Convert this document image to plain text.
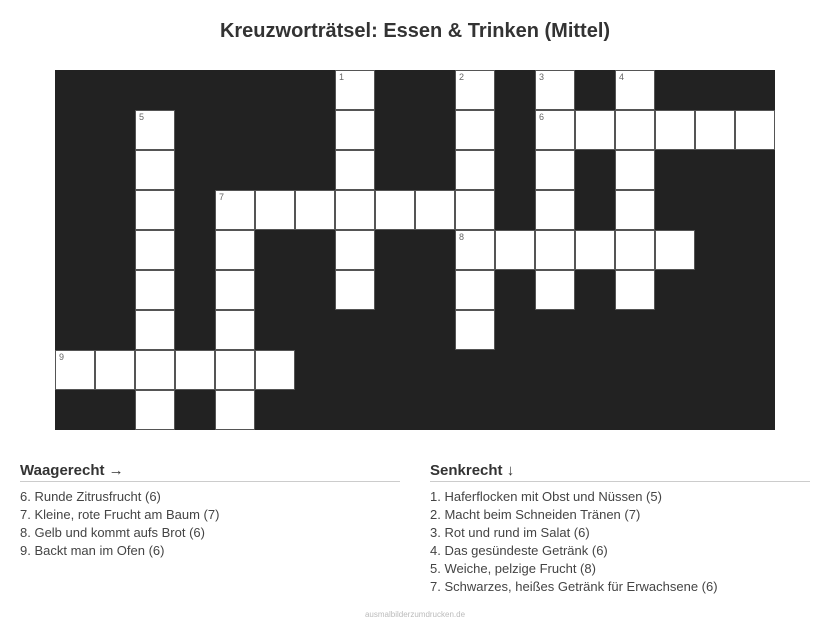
Kreuzworträtsel: Essen & Trinken (Mittel)
1	2	3	4
5	6
7
8
9
Waagerecht →
6. Runde Zitrusfrucht (6)
7. Kleine, rote Frucht am Baum (7)
8. Gelb und kommt aufs Brot (6)
9. Backt man im Ofen (6)
Senkrecht ↓
1. Haferflocken mit Obst und Nüssen (5)
2. Macht beim Schneiden Tränen (7)
3. Rot und rund im Salat (6)
4. Das gesündeste Getränk (6)
5. Weiche, pelzige Frucht (8)
7. Schwarzes, heißes Getränk für Erwachsene (6)
ausmalbilderzumdrucken.de
